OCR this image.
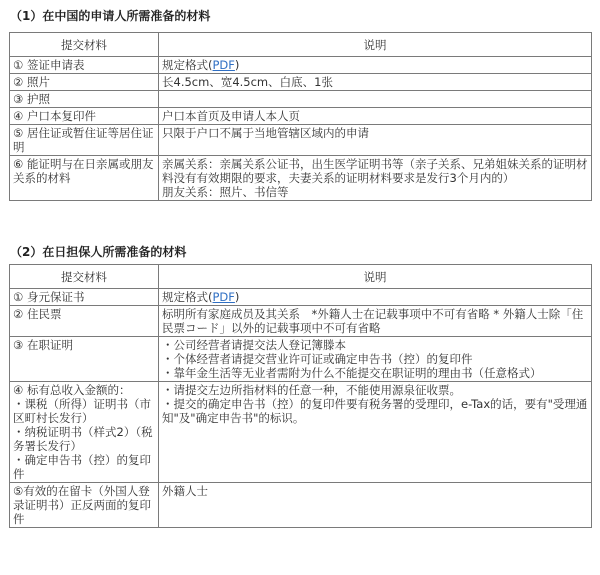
（1）在中国的申请人所需准备的材料
提交材料	说明
① 签证申请表	规定格式(PDF)
② 照片	长4.5cm、宽4.5cm、白底、1张
③ 护照	
④ 户口本复印件	户口本首页及申请人本人页
⑤ 居住证或暂住证等居住证明	只限于户口不属于当地管辖区域内的申请
⑥ 能证明与在日亲属或朋友关系的材料	亲属关系：亲属关系公证书，出生医学证明书等（亲子关系、兄弟姐妹关系的证明材料没有有效期限的要求，夫妻关系的证明材料要求是发行3个月内的）
朋友关系：照片、书信等
（2）在日担保人所需准备的材料
提交材料	说明
① 身元保证书	规定格式(PDF)
② 住民票	标明所有家庭成员及其关系　*外籍人士在记载事项中不可有省略 * 外籍人士除「住民票コード」以外的记载事项中不可有省略
③ 在职证明	・公司经营者请提交法人登记簿滕本
・个体经营者请提交营业许可证或确定申告书（控）的复印件
・靠年金生活等无业者需附为什么不能提交在职证明的理由书（任意格式）

④ 标有总收入金额的：
・课税（所得）证明书（市区町村长发行）
・纳税证明书（样式2）（税务署长发行）
・确定申告书（控）的复印件	・请提交左边所指材料的任意一种，不能使用源泉征收票。
・提交的确定申告书（控）的复印件要有税务署的受理印，e-Tax的话，要有"受理通知"及"确定申告书"的标识。

⑤有效的在留卡（外国人登录证明书）正反两面的复印件	外籍人士
